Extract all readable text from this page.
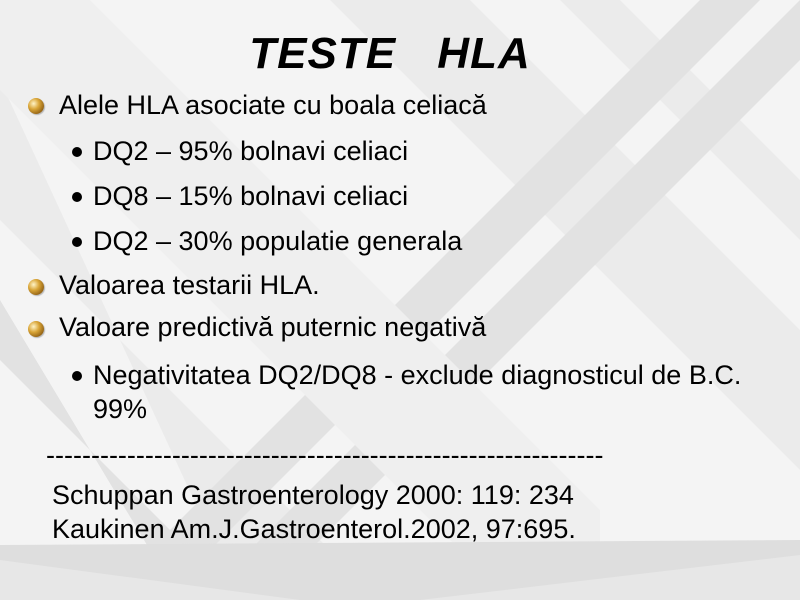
TESTE HLA
Alele HLA asociate cu boala celiacă
DQ2 – 95% bolnavi celiaci
DQ8 – 15% bolnavi celiaci
DQ2 – 30% populatie generala
Valoarea testarii HLA.
Valoare predictivă puternic negativă
Negativitatea DQ2/DQ8 - exclude diagnosticul de B.C. 99%
--------------------------------------------------------------
Schuppan Gastroenterology 2000: 119: 234
Kaukinen Am.J.Gastroenterol.2002, 97:695.
